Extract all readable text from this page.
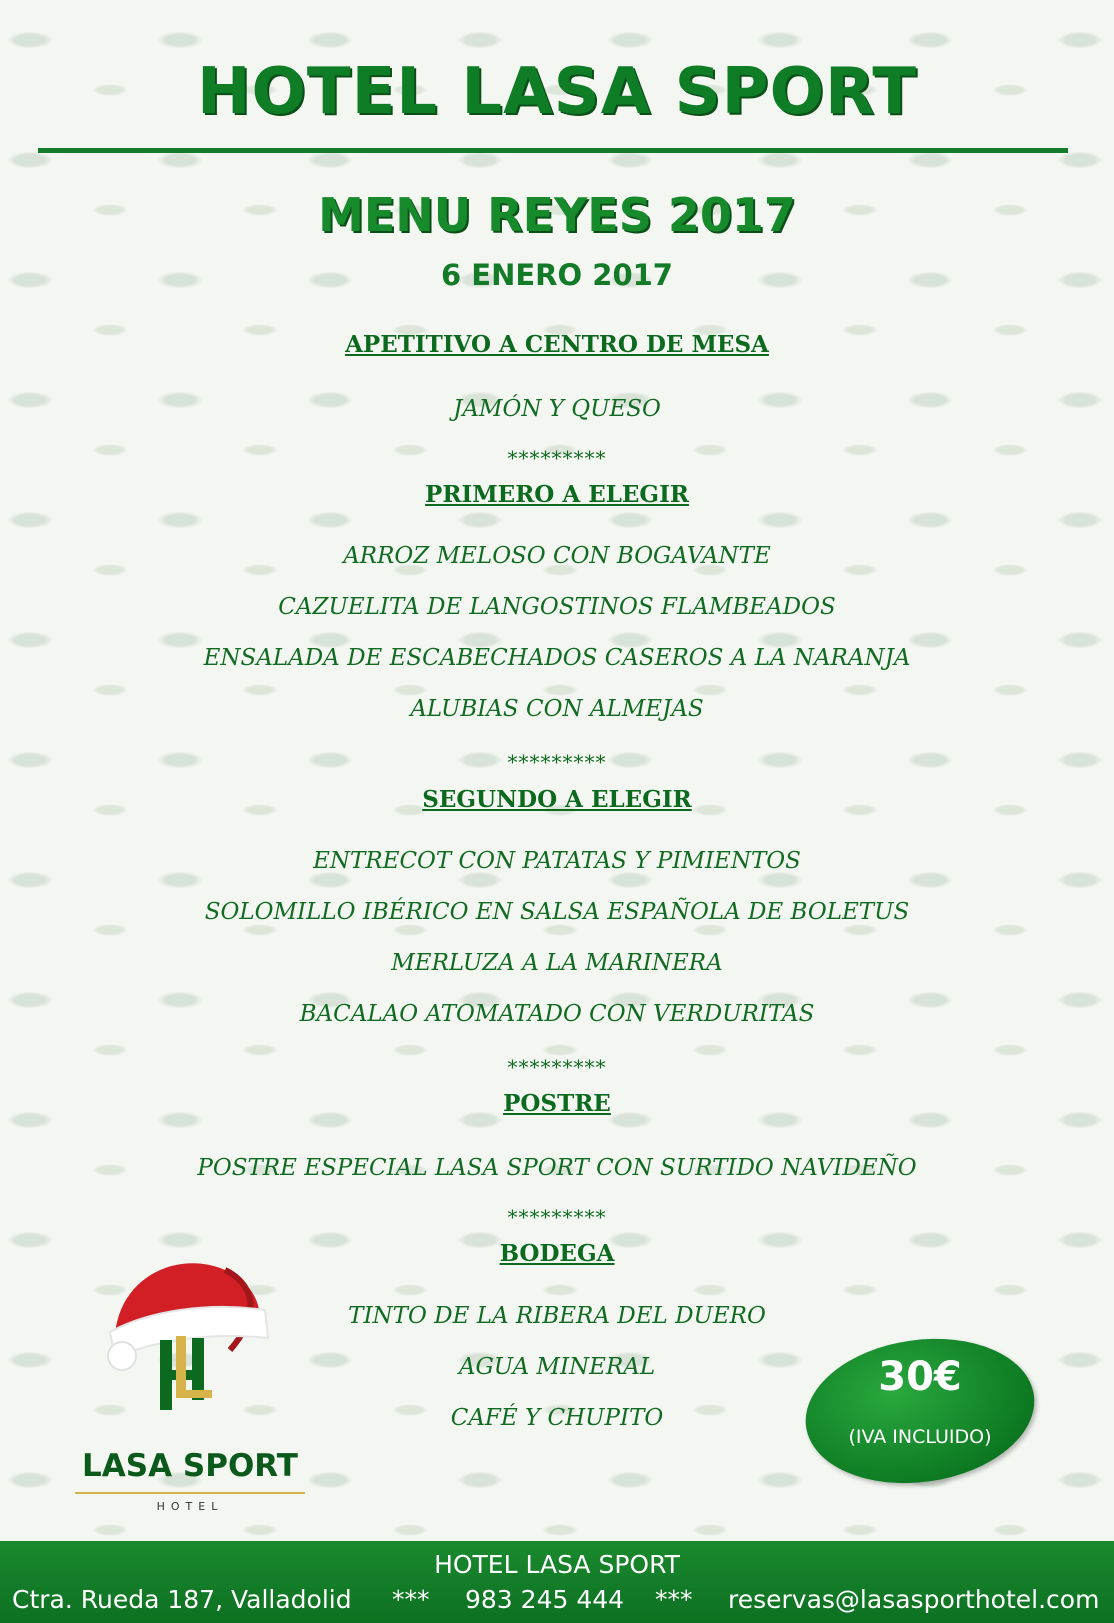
HOTEL LASA SPORT
MENU REYES 2017
6 ENERO 2017
APETITIVO A CENTRO DE MESA
JAMÓN Y QUESO
*********
PRIMERO A ELEGIR
ARROZ MELOSO CON BOGAVANTE
CAZUELITA DE LANGOSTINOS FLAMBEADOS
ENSALADA DE ESCABECHADOS CASEROS A LA NARANJA
ALUBIAS CON ALMEJAS
*********
SEGUNDO A ELEGIR
ENTRECOT CON PATATAS Y PIMIENTOS
SOLOMILLO IBÉRICO EN SALSA ESPAÑOLA DE BOLETUS
MERLUZA A LA MARINERA
BACALAO ATOMATADO CON VERDURITAS
*********
POSTRE
POSTRE ESPECIAL LASA SPORT CON SURTIDO NAVIDEÑO
*********
BODEGA
TINTO DE LA RIBERA DEL DUERO
AGUA MINERAL
CAFÉ Y CHUPITO
HL
LASA SPORT
HOTEL
30€
(IVA INCLUIDO)
HOTEL LASA SPORT
Ctra. Rueda 187, Valladolid *** 983 245 444 *** reservas@lasasporthotel.com
